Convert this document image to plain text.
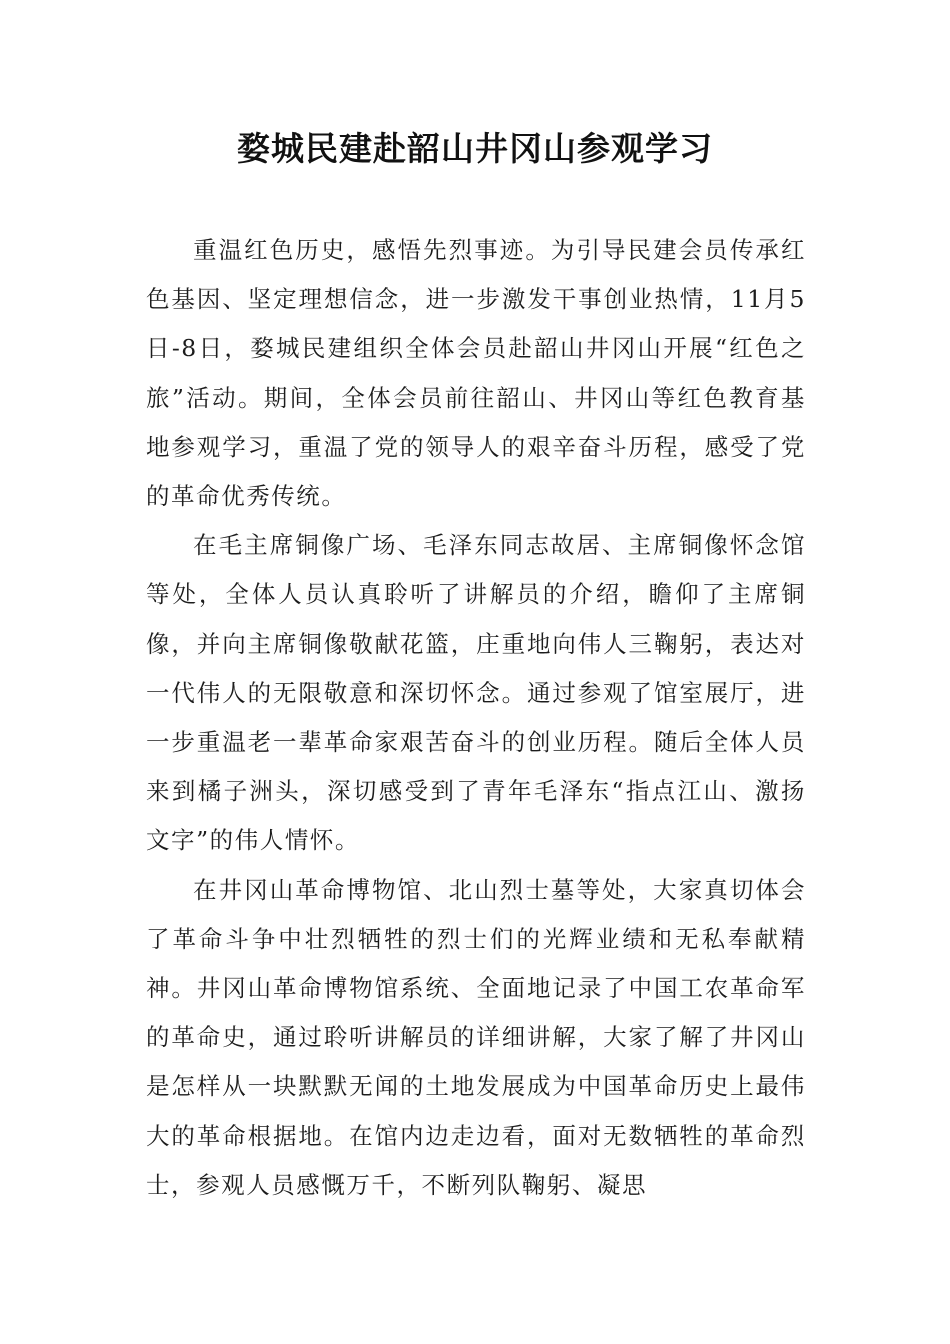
婺城民建赴韶山井冈山参观学习

重温红色历史，感悟先烈事迹。为引导民建会员传承红色基因、坚定理想信念，进一步激发干事创业热情，11月5日-8日，婺城民建组织全体会员赴韶山井冈山开展“红色之旅”活动。期间，全体会员前往韶山、井冈山等红色教育基地参观学习，重温了党的领导人的艰辛奋斗历程，感受了党的革命优秀传统。

在毛主席铜像广场、毛泽东同志故居、主席铜像怀念馆等处，全体人员认真聆听了讲解员的介绍，瞻仰了主席铜像，并向主席铜像敬献花篮，庄重地向伟人三鞠躬，表达对一代伟人的无限敬意和深切怀念。通过参观了馆室展厅，进一步重温老一辈革命家艰苦奋斗的创业历程。随后全体人员来到橘子洲头，深切感受到了青年毛泽东“指点江山、激扬文字”的伟人情怀。

在井冈山革命博物馆、北山烈士墓等处，大家真切体会了革命斗争中壮烈牺牲的烈士们的光辉业绩和无私奉献精神。井冈山革命博物馆系统、全面地记录了中国工农革命军的革命史，通过聆听讲解员的详细讲解，大家了解了井冈山是怎样从一块默默无闻的土地发展成为中国革命历史上最伟大的革命根据地。在馆内边走边看，面对无数牺牲的革命烈士，参观人员感慨万千，不断列队鞠躬、凝思
